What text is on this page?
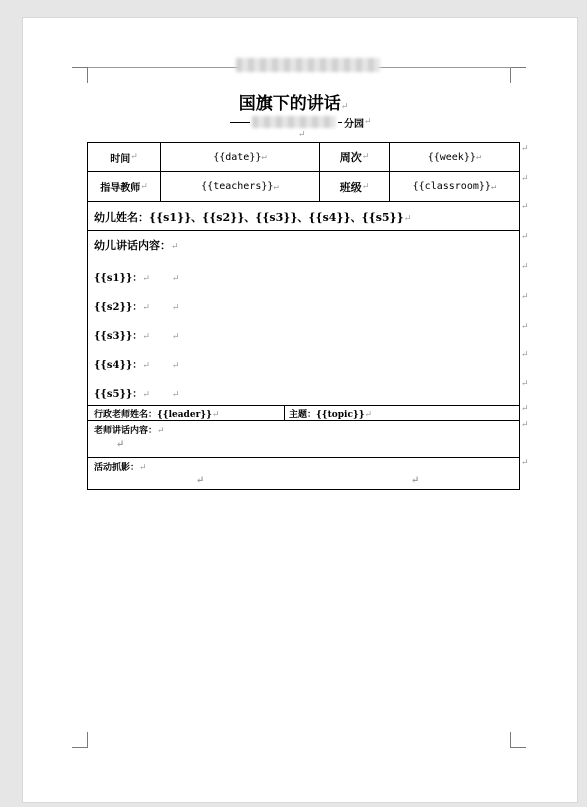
国旗下的讲话↵
分园 ↵
↵
时间 ↵	{{date}} ↵	周次 ↵	{{week}} ↵
指导教师 ↵	{{teachers}} ↵	班级 ↵	{{classroom}} ↵
幼儿姓名：{{s1}}、{{s2}}、{{s3}}、{{s4}}、{{s5}}↵
幼儿讲话内容：↵
{{s1}}：↵ ↵
{{s2}}：↵ ↵
{{s3}}：↵ ↵
{{s4}}：↵ ↵
{{s5}}：↵ ↵
行政老师姓名：{{leader}}↵	主题：{{topic}}↵
老师讲话内容：↵
↵
活动抓影：↵
↵	↵
↵
↵
↵
↵
↵
↵
↵
↵
↵
↵
↵
↵
